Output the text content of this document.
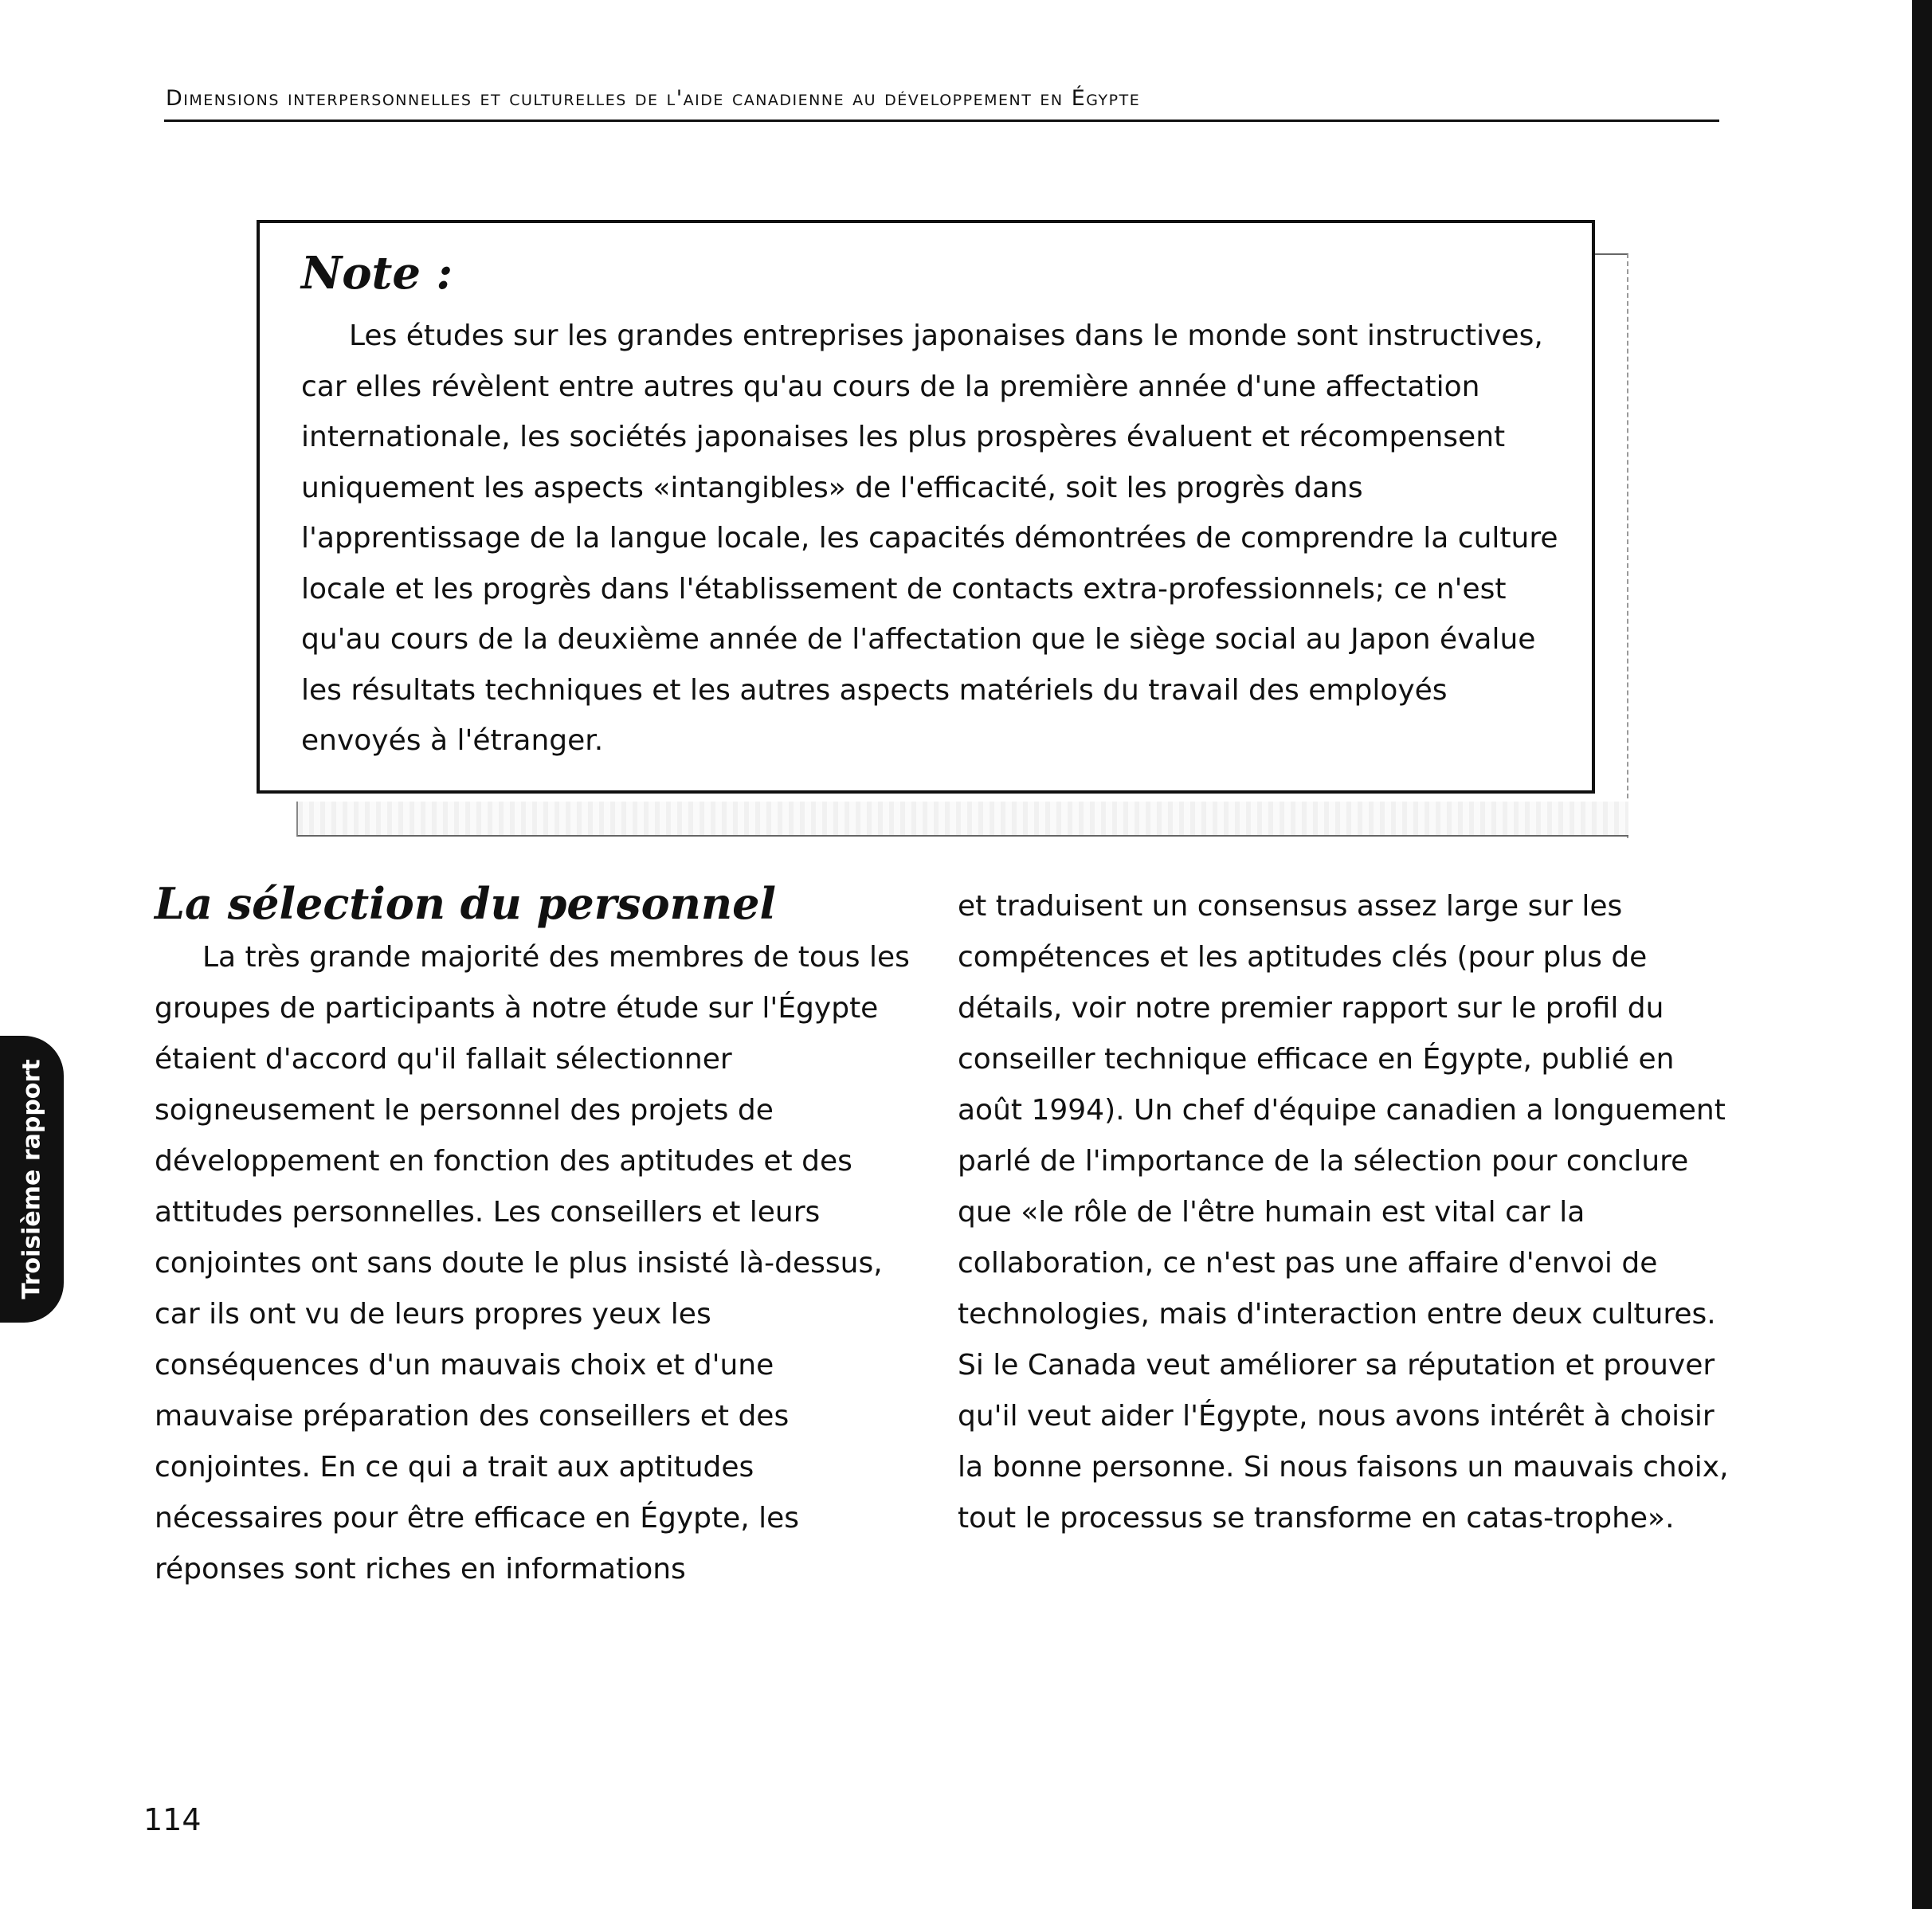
Dimensions interpersonnelles et culturelles de l'aide canadienne au développement en Égypte
Note :
Les études sur les grandes entreprises japonaises dans le monde sont instructives, car elles révèlent entre autres qu'au cours de la première année d'une affectation internationale, les sociétés japonaises les plus prospères évaluent et récompensent uniquement les aspects «intangibles» de l'efficacité, soit les progrès dans l'apprentissage de la langue locale, les capacités démontrées de comprendre la culture locale et les progrès dans l'établissement de contacts extra-professionnels; ce n'est qu'au cours de la deuxième année de l'affectation que le siège social au Japon évalue les résultats techniques et les autres aspects matériels du travail des employés envoyés à l'étranger.
La sélection du personnel
La très grande majorité des membres de tous les groupes de participants à notre étude sur l'Égypte étaient d'accord qu'il fallait sélectionner soigneusement le personnel des projets de développement en fonction des aptitudes et des attitudes personnelles. Les conseillers et leurs conjointes ont sans doute le plus insisté là-dessus, car ils ont vu de leurs propres yeux les conséquences d'un mauvais choix et d'une mauvaise préparation des conseillers et des conjointes. En ce qui a trait aux aptitudes nécessaires pour être efficace en Égypte, les réponses sont riches en informations
et traduisent un consensus assez large sur les compétences et les aptitudes clés (pour plus de détails, voir notre premier rapport sur le profil du conseiller technique efficace en Égypte, publié en août 1994). Un chef d'équipe canadien a longuement parlé de l'importance de la sélection pour conclure que «le rôle de l'être humain est vital car la collaboration, ce n'est pas une affaire d'envoi de technologies, mais d'interaction entre deux cultures. Si le Canada veut améliorer sa réputation et prouver qu'il veut aider l'Égypte, nous avons intérêt à choisir la bonne personne. Si nous faisons un mauvais choix, tout le processus se transforme en catas-trophe».
Troisième rapport
114
